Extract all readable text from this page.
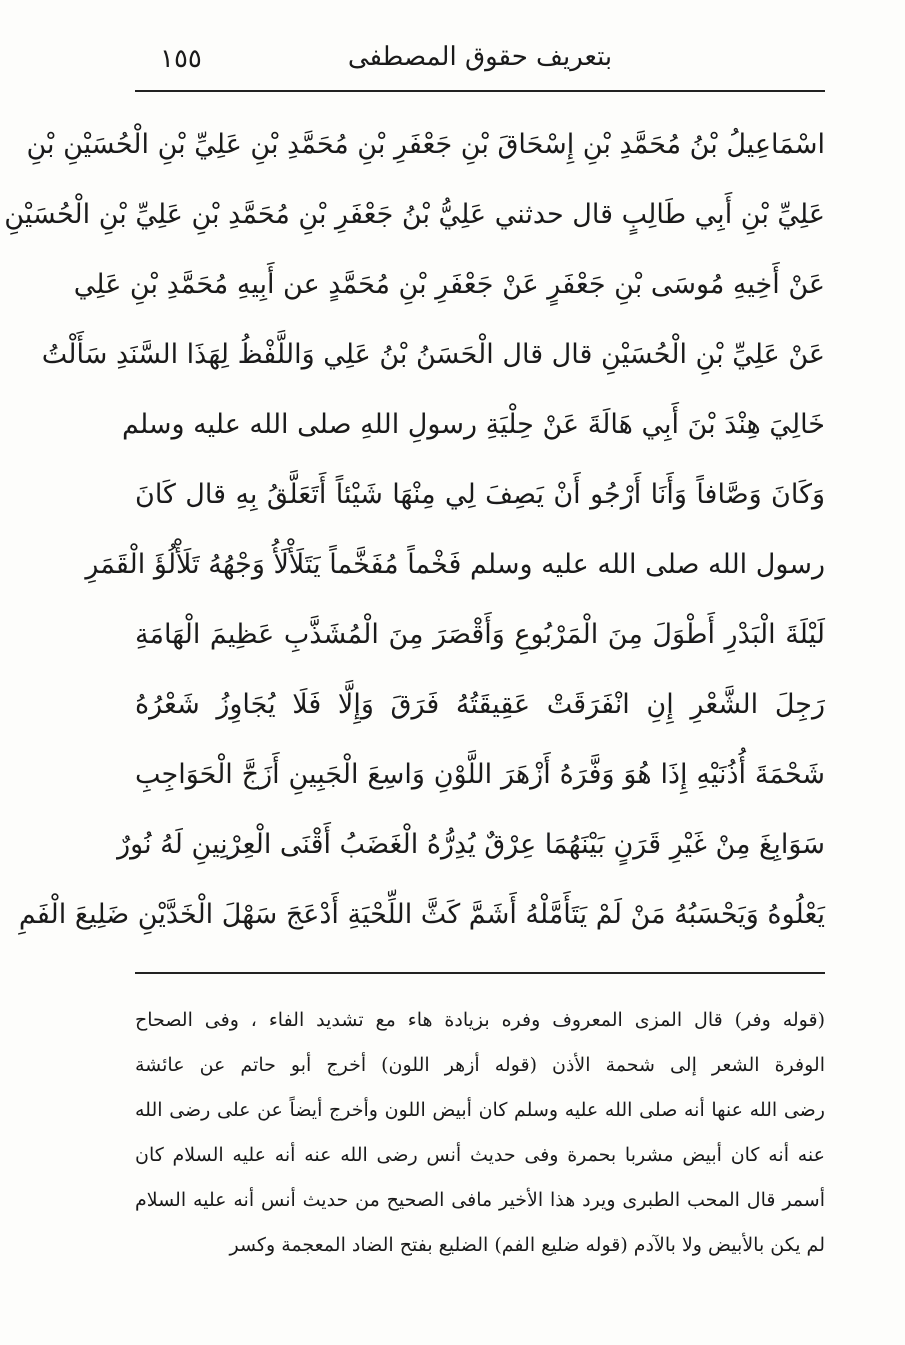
١٥٥	بتعريف حقوق المصطفى
اسْمَاعِيلُ بْنُ مُحَمَّدِ بْنِ إِسْحَاقَ بْنِ جَعْفَرِ بْنِ مُحَمَّدِ بْنِ عَلِيِّ بْنِ الْحُسَيْنِ بْنِ
عَلِيِّ بْنِ أَبِي طَالِبٍ قال حدثني عَلِيُّ بْنُ جَعْفَرِ بْنِ مُحَمَّدِ بْنِ عَلِيِّ بْنِ الْحُسَيْنِ
عَنْ أَخِيهِ مُوسَى بْنِ جَعْفَرٍ عَنْ جَعْفَرِ بْنِ مُحَمَّدٍ عن أَبِيهِ مُحَمَّدِ بْنِ عَلِي
عَنْ عَلِيِّ بْنِ الْحُسَيْنِ قال قال الْحَسَنُ بْنُ عَلِي وَاللَّفْظُ لِهَذَا السَّنَدِ سَأَلْتُ
خَالِيَ هِنْدَ بْنَ أَبِي هَالَةَ عَنْ حِلْيَةِ رسولِ اللهِ صلى الله عليه وسلم
وَكَانَ وَصَّافاً وَأَنَا أَرْجُو أَنْ يَصِفَ لِي مِنْهَا شَيْئاً أَتَعَلَّقُ بِهِ قال كَانَ
رسول الله صلى الله عليه وسلم فَخْماً مُفَخَّماً يَتَلَأْلَأُ وَجْهُهُ تَلَأْلُؤَ الْقَمَرِ
لَيْلَةَ الْبَدْرِ أَطْوَلَ مِنَ الْمَرْبُوعِ وَأَقْصَرَ مِنَ الْمُشَذَّبِ عَظِيمَ الْهَامَةِ
رَجِلَ الشَّعْرِ إِنِ انْفَرَقَتْ عَقِيقَتُهُ فَرَقَ وَإِلَّا فَلَا يُجَاوِزُ شَعْرُهُ
شَحْمَةَ أُذُنَيْهِ إِذَا هُوَ وَفَّرَهُ أَزْهَرَ اللَّوْنِ وَاسِعَ الْجَبِينِ أَزَجَّ الْحَوَاجِبِ
سَوَابِغَ مِنْ غَيْرِ قَرَنٍ بَيْنَهُمَا عِرْقٌ يُدِرُّهُ الْغَضَبُ أَقْنَى الْعِرْنِينِ لَهُ نُورٌ
يَعْلُوهُ وَيَحْسَبُهُ مَنْ لَمْ يَتَأَمَّلْهُ أَشَمَّ كَثَّ اللِّحْيَةِ أَدْعَجَ سَهْلَ الْخَدَّيْنِ ضَلِيعَ الْفَمِ
(قوله وفر) قال المزى المعروف وفره بزيادة هاء مع تشديد الفاء ، وفى الصحاح
الوفرة الشعر إلى شحمة الأذن (قوله أزهر اللون) أخرج أبو حاتم عن عائشة
رضى الله عنها أنه صلى الله عليه وسلم كان أبيض اللون وأخرج أيضاً عن على رضى الله
عنه أنه كان أبيض مشربا بحمرة وفى حديث أنس رضى الله عنه أنه عليه السلام كان
أسمر قال المحب الطبرى ويرد هذا الأخير مافى الصحيح من حديث أنس أنه عليه السلام
لم يكن بالأبيض ولا بالآدم (قوله ضليع الفم) الضليع بفتح الضاد المعجمة وكسر
